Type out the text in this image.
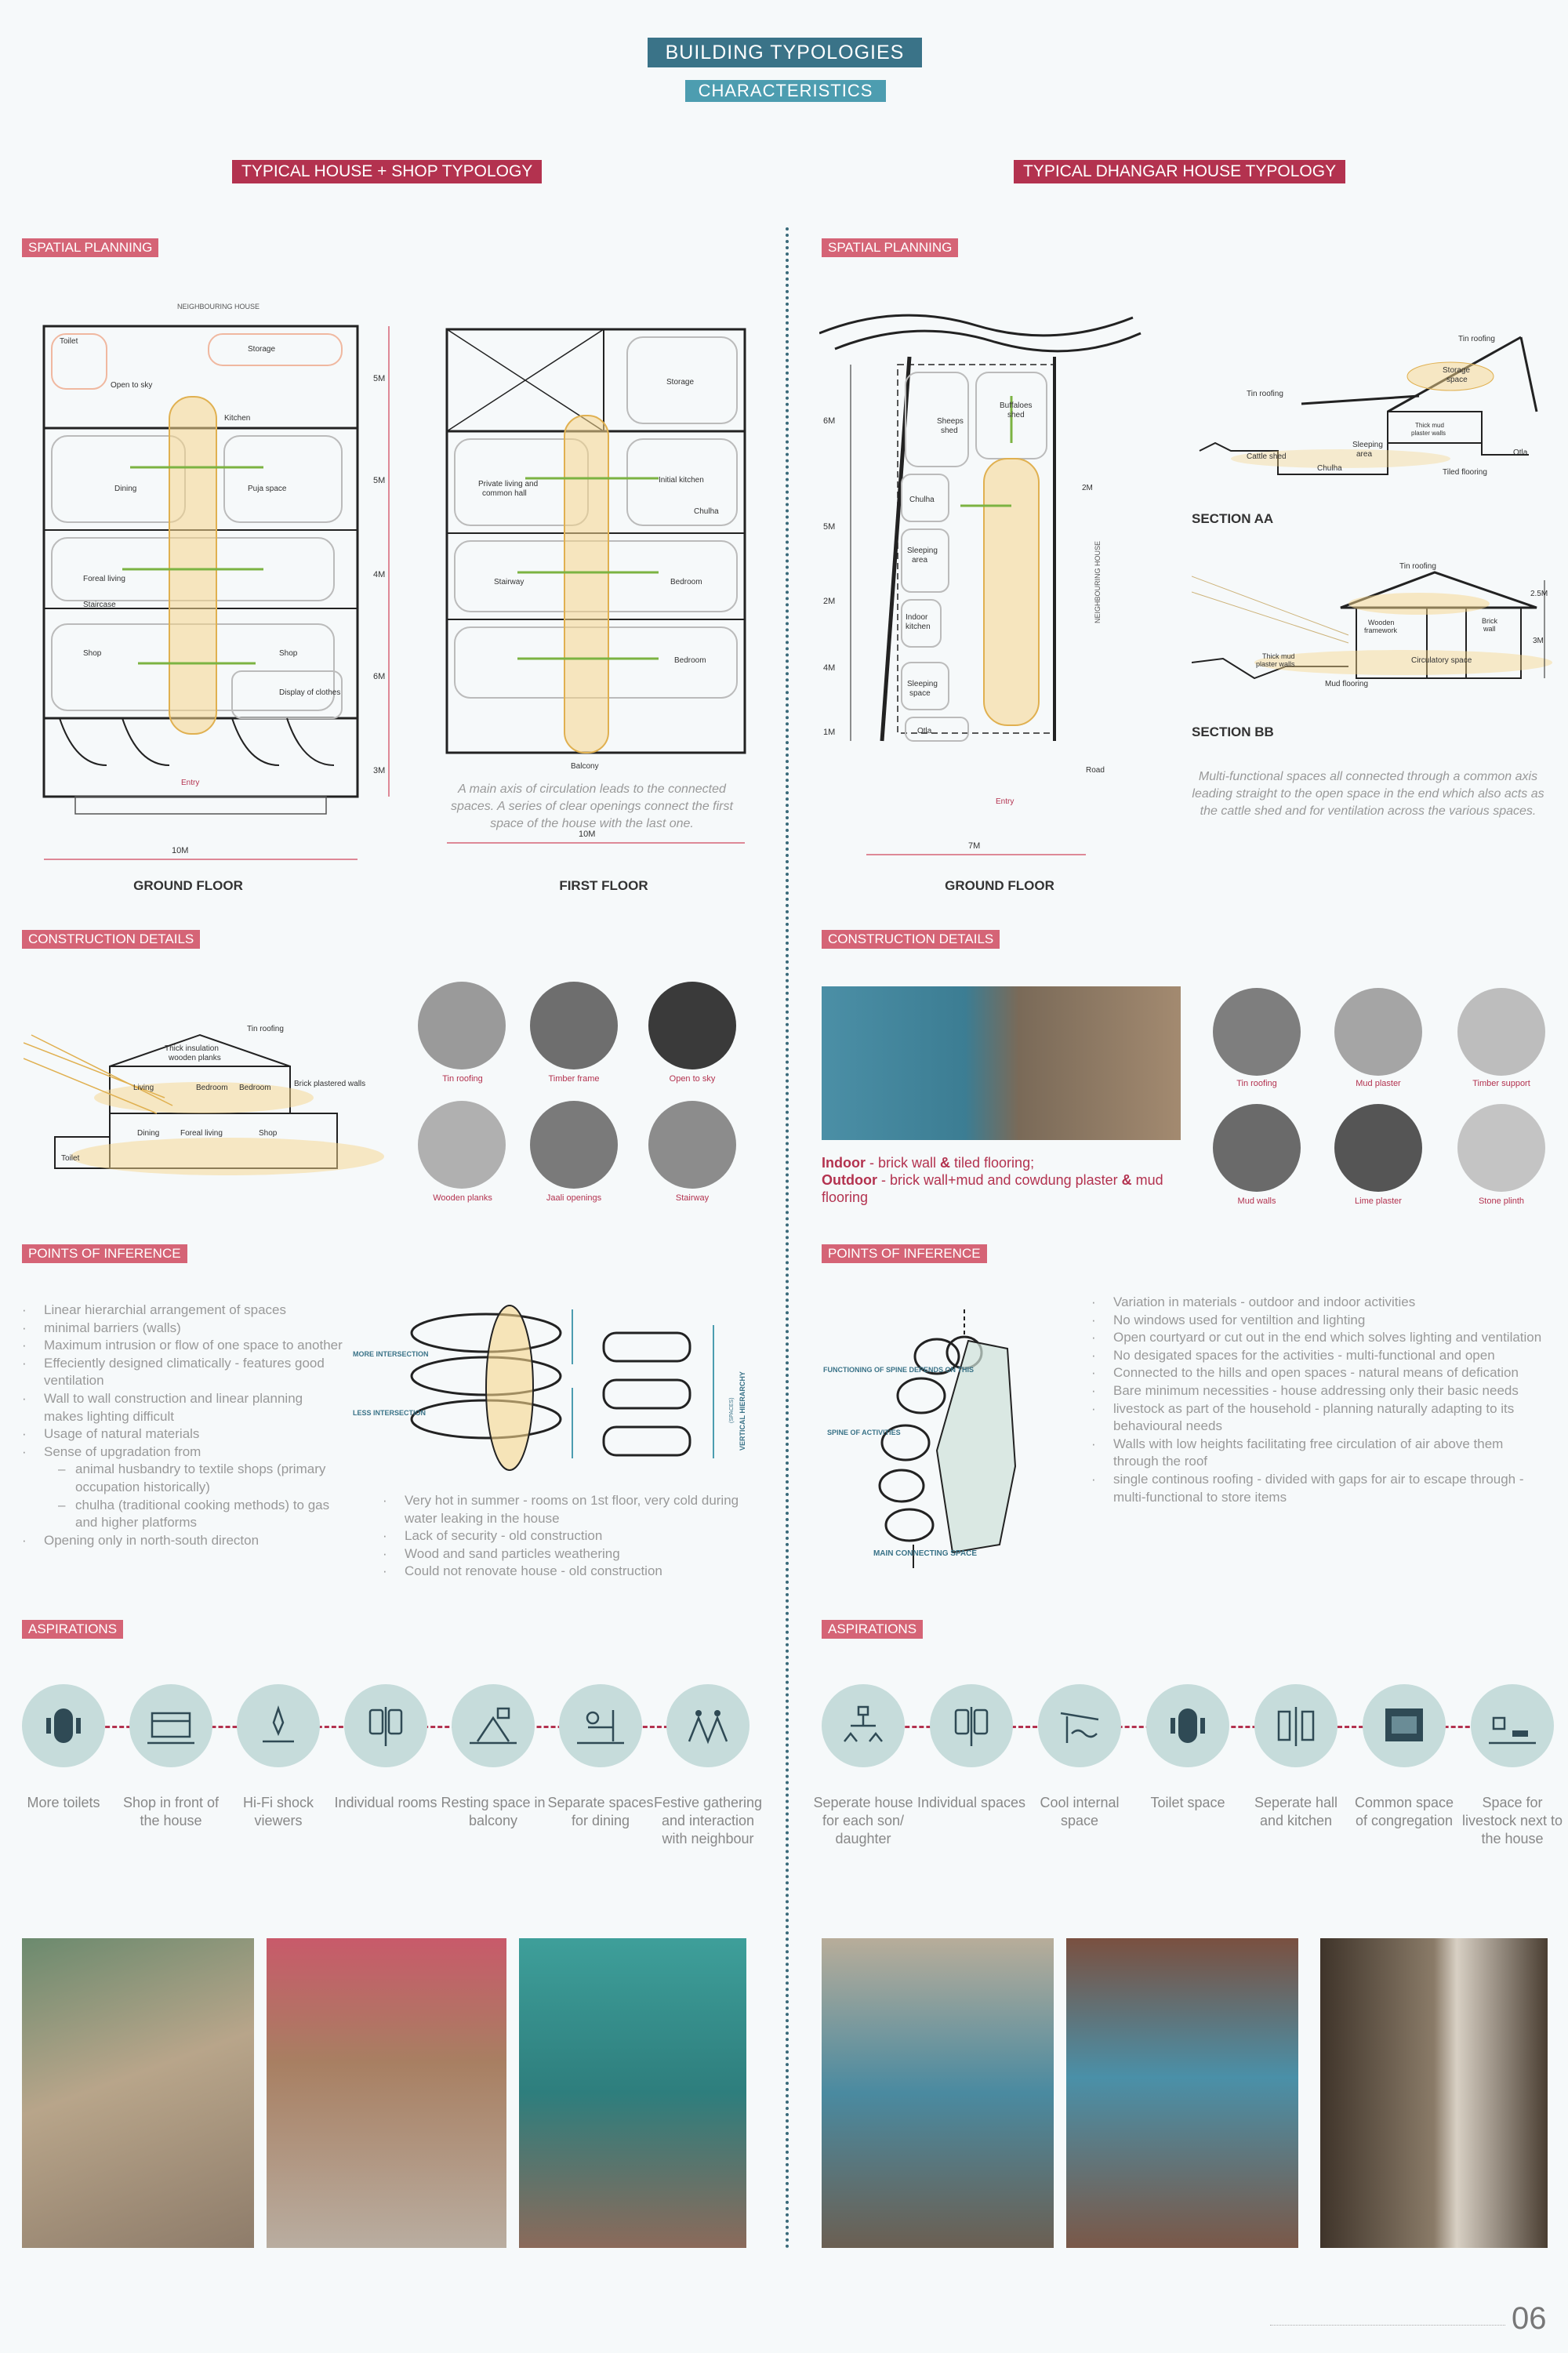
BUILDING TYPOLOGIES
CHARACTERISTICS
TYPICAL HOUSE + SHOP TYPOLOGY
SPATIAL PLANNING
NEIGHBOURING HOUSE
Toilet
Open to sky
Storage
Kitchen
Dining	Puja space
Foreal living
Staircase
Shop	Shop
Display of clothes
Entry
5M
5M
4M
6M
3M
10M
GROUND FLOOR
Storage
Private living and
common hall
Initial kitchen
Chulha
Stairway	Bedroom
Bedroom
Balcony
10M
A main axis of circulation leads to the connected spaces. A series of clear openings connect the first space of the house with the last one.
FIRST FLOOR
CONSTRUCTION DETAILS
Tin roofing
Thick insulation
wooden planks
Living	Bedroom Bedroom	Brick plastered walls
Toilet
Dining	Foreal living	Shop
Tin roofing	Timber frame	Open to sky
Wooden planks	Jaali openings	Stairway
POINTS OF INFERENCE
· Linear hierarchial arrangement of spaces
· minimal barriers (walls)
· Maximum intrusion or flow of one space to another
· Effeciently designed climatically - features good ventilation
· Wall to wall construction and linear planning makes lighting difficult
· Usage of natural materials
· Sense of upgradation from
– animal husbandry to textile shops (primary occupation historically)
– chulha (traditional cooking methods) to gas and higher platforms
· Opening only in north-south directon
MORE INTERSECTION
LESS INTERSECTION	VERTICAL HIERARCHY
(SPACES)
· Very hot in summer - rooms on 1st floor, very cold during water leaking in the house
· Lack of security - old construction
· Wood and sand particles weathering
· Could not renovate house - old construction
ASPIRATIONS
More toilets	Shop in front of the house
Hi-Fi shock viewers
Individual rooms Resting space in balcony
Separate spaces for dining
Festive gathering and interaction with neighbour
TYPICAL DHANGAR HOUSE TYPOLOGY
SPATIAL PLANNING
Sheeps
shed
Buffaloes
shed
Chulha
Sleeping
area
Indoor
kitchen
Sleeping
space
Otla
Entry
Road
2M
NEIGHBOURING HOUSE
6M
5M
2M
4M
1M
7M
GROUND FLOOR
Tin roofing
Storage
space
Tin roofing
Cattle shed
Sleeping
area
Thick mud
plaster walls
Chulha	Tiled flooring
Otla
SECTION AA
Tin roofing
Wooden
framework
Brick
wall
2.5M
3M
Thick mud
plaster walls	Circulatory space
Mud flooring
SECTION BB
Multi-functional spaces all connected through a common axis leading straight to the open space in the end which also acts as the cattle shed and for ventilation across the various spaces.
CONSTRUCTION DETAILS
Indoor - brick wall & tiled flooring;
Outdoor - brick wall+mud and cowdung plaster & mud flooring
Tin roofing	Mud plaster	Timber support
Mud walls	Lime plaster	Stone plinth
POINTS OF INFERENCE
FUNCTIONING OF SPINE DEPENDS ON THIS
SPINE OF ACTIVITIES
MAIN CONNECTING SPACE
· Variation in materials - outdoor and indoor activities
· No windows used for ventiltion and lighting
· Open courtyard or cut out in the end which solves lighting and ventilation
· No desigated spaces for the activities - multi-functional and open
· Connected to the hills and open spaces - natural means of defication
· Bare minimum necessities - house addressing only their basic needs
· livestock as part of the household - planning naturally adapting to its behavioural needs
· Walls with low heights facilitating free circulation of air above them through the roof
· single continous roofing - divided with gaps for air to escape through - multi-functional to store items
ASPIRATIONS
Seperate house for each son/ daughter
Individual spaces	Cool internal space
Toilet space	Seperate hall and kitchen
Common space of congregation
Space for livestock next to the house
06
